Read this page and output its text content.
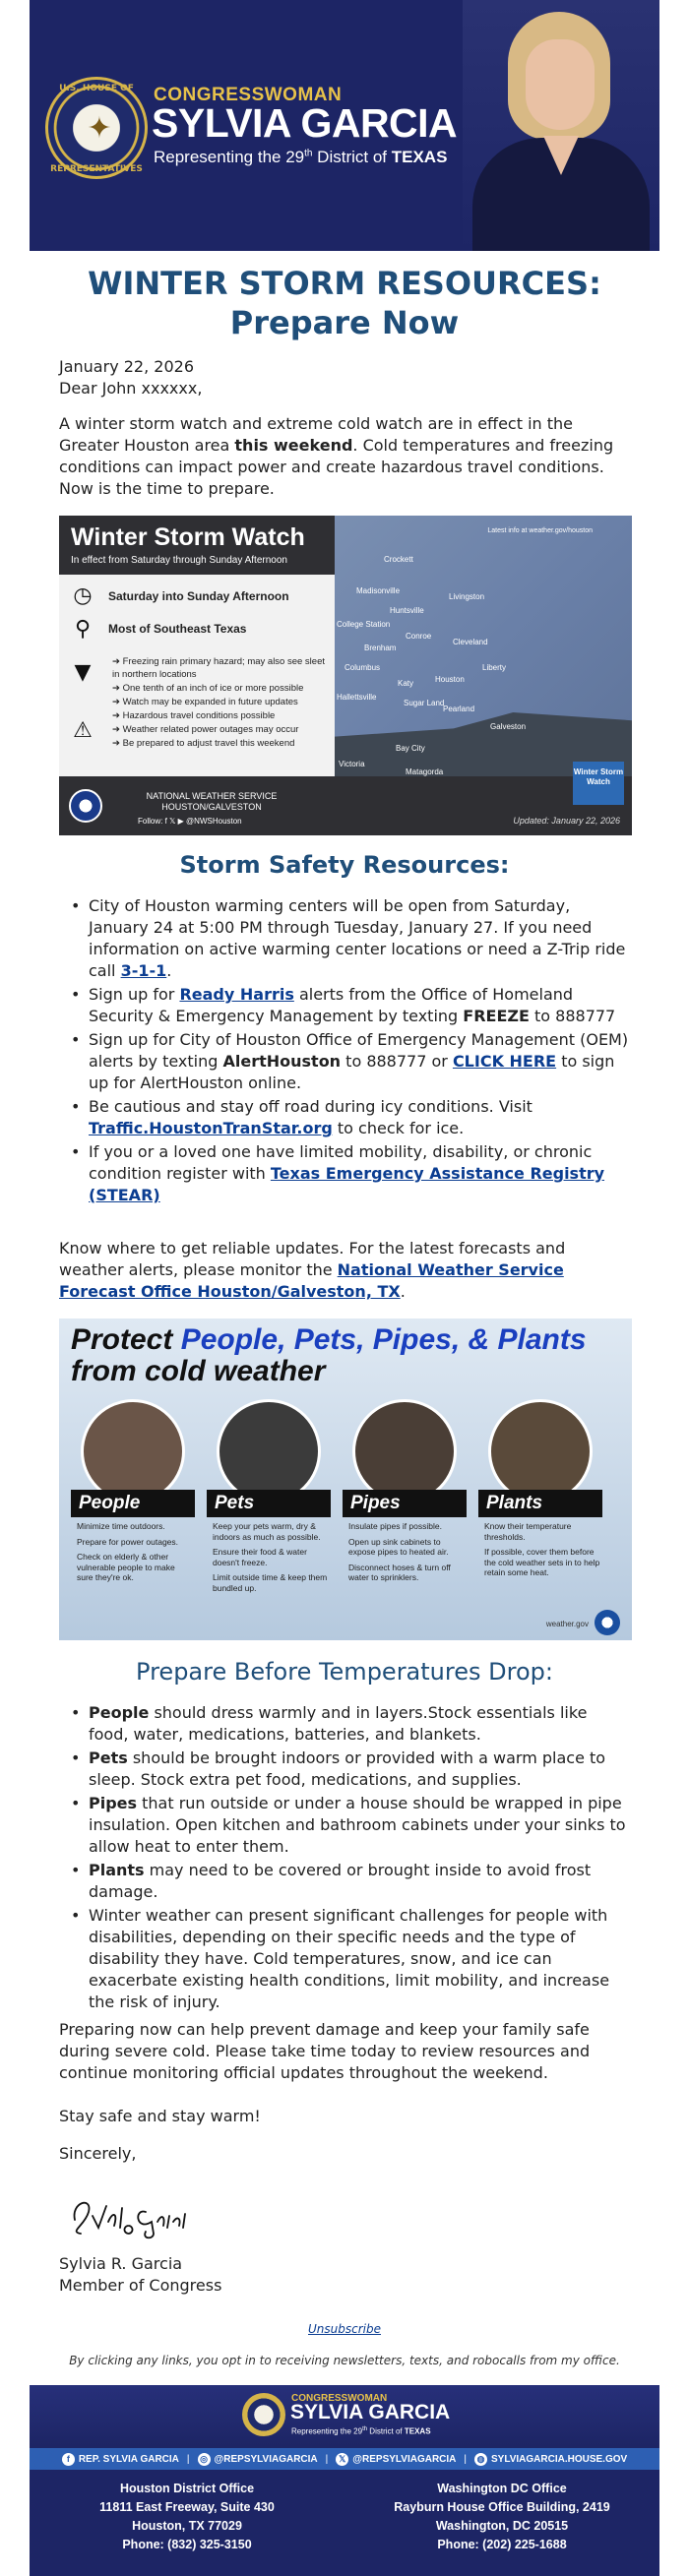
U.S. HOUSE OF
✦
REPRESENTATIVES
CONGRESSWOMAN
SYLVIA GARCIA
Representing the 29th District of TEXAS
WINTER STORM RESOURCES: Prepare Now
January 22, 2026
Dear John xxxxxx,
A winter storm watch and extreme cold watch are in effect in the Greater Houston area this weekend. Cold temperatures and freezing conditions can impact power and create hazardous travel conditions. Now is the time to prepare.
Crockett
Madisonville
Huntsville
Livingston
College Station
Conroe
Cleveland
Liberty
Houston
Katy
Sugar Land
Pearland
Galveston
Victoria
Bay City
Matagorda
Hallettsville
Columbus
Brenham
Winter Storm Watch
In effect from Saturday through Sunday Afternoon
Latest info at weather.gov/houston
◷	Saturday into Sunday Afternoon
⚲	Most of Southeast Texas
▼
⚠
➔ Freezing rain primary hazard; may also see sleet in northern locations
➔ One tenth of an inch of ice or more possible
➔ Watch may be expanded in future updates
➔ Hazardous travel conditions possible
➔ Weather related power outages may occur
➔ Be prepared to adjust travel this weekend
NATIONAL WEATHER SERVICE HOUSTON/GALVESTON
Follow: f 𝕏 ▶ @NWSHouston	Updated: January 22, 2026
Winter Storm Watch
Storm Safety Resources:
• City of Houston warming centers will be open from Saturday, January 24 at 5:00 PM through Tuesday, January 27. If you need information on active warming center locations or need a Z-Trip ride call 3-1-1.
• Sign up for Ready Harris alerts from the Office of Homeland Security & Emergency Management by texting FREEZE to 888777
• Sign up for City of Houston Office of Emergency Management (OEM) alerts by texting AlertHouston to 888777 or CLICK HERE to sign up for AlertHouston online.
• Be cautious and stay off road during icy conditions. Visit Traffic.HoustonTranStar.org to check for ice.
• If you or a loved one have limited mobility, disability, or chronic condition register with Texas Emergency Assistance Registry (STEAR)
Know where to get reliable updates. For the latest forecasts and weather alerts, please monitor the National Weather Service Forecast Office Houston/Galveston, TX.
Protect People, Pets, Pipes, & Plants
from cold weather
People
Minimize time outdoors.
Prepare for power outages.
Check on elderly & other vulnerable people to make sure they're ok.
Pets
Keep your pets warm, dry & indoors as much as possible.
Ensure their food & water doesn't freeze.
Limit outside time & keep them bundled up.
Pipes
Insulate pipes if possible.
Open up sink cabinets to expose pipes to heated air.
Disconnect hoses & turn off water to sprinklers.
Plants
Know their temperature thresholds.
If possible, cover them before the cold weather sets in to help retain some heat.
weather.gov
Prepare Before Temperatures Drop:
• People should dress warmly and in layers.Stock essentials like food, water, medications, batteries, and blankets.
• Pets should be brought indoors or provided with a warm place to sleep. Stock extra pet food, medications, and supplies.
• Pipes that run outside or under a house should be wrapped in pipe insulation. Open kitchen and bathroom cabinets under your sinks to allow heat to enter them.
• Plants may need to be covered or brought inside to avoid frost damage.
• Winter weather can present significant challenges for people with disabilities, depending on their specific needs and the type of disability they have. Cold temperatures, snow, and ice can exacerbate existing health conditions, limit mobility, and increase the risk of injury.
Preparing now can help prevent damage and keep your family safe during severe cold. Please take time today to review resources and continue monitoring official updates throughout the weekend.
Stay safe and stay warm!
Sincerely,
Sylvia R. Garcia
Member of Congress
Unsubscribe
By clicking any links, you opt in to receiving newsletters, texts, and robocalls from my office.
CONGRESSWOMAN
SYLVIA GARCIA
Representing the 29th District of TEXAS
f REP. SYLVIA GARCIA | ◎ @REPSYLVIAGARCIA |	𝕏 @REPSYLVIAGARCIA | ◍ SYLVIAGARCIA.HOUSE.GOV
Houston District Office
11811 East Freeway, Suite 430
Houston, TX 77029
Phone: (832) 325-3150
Washington DC Office
Rayburn House Office Building, 2419
Washington, DC 20515
Phone: (202) 225-1688
